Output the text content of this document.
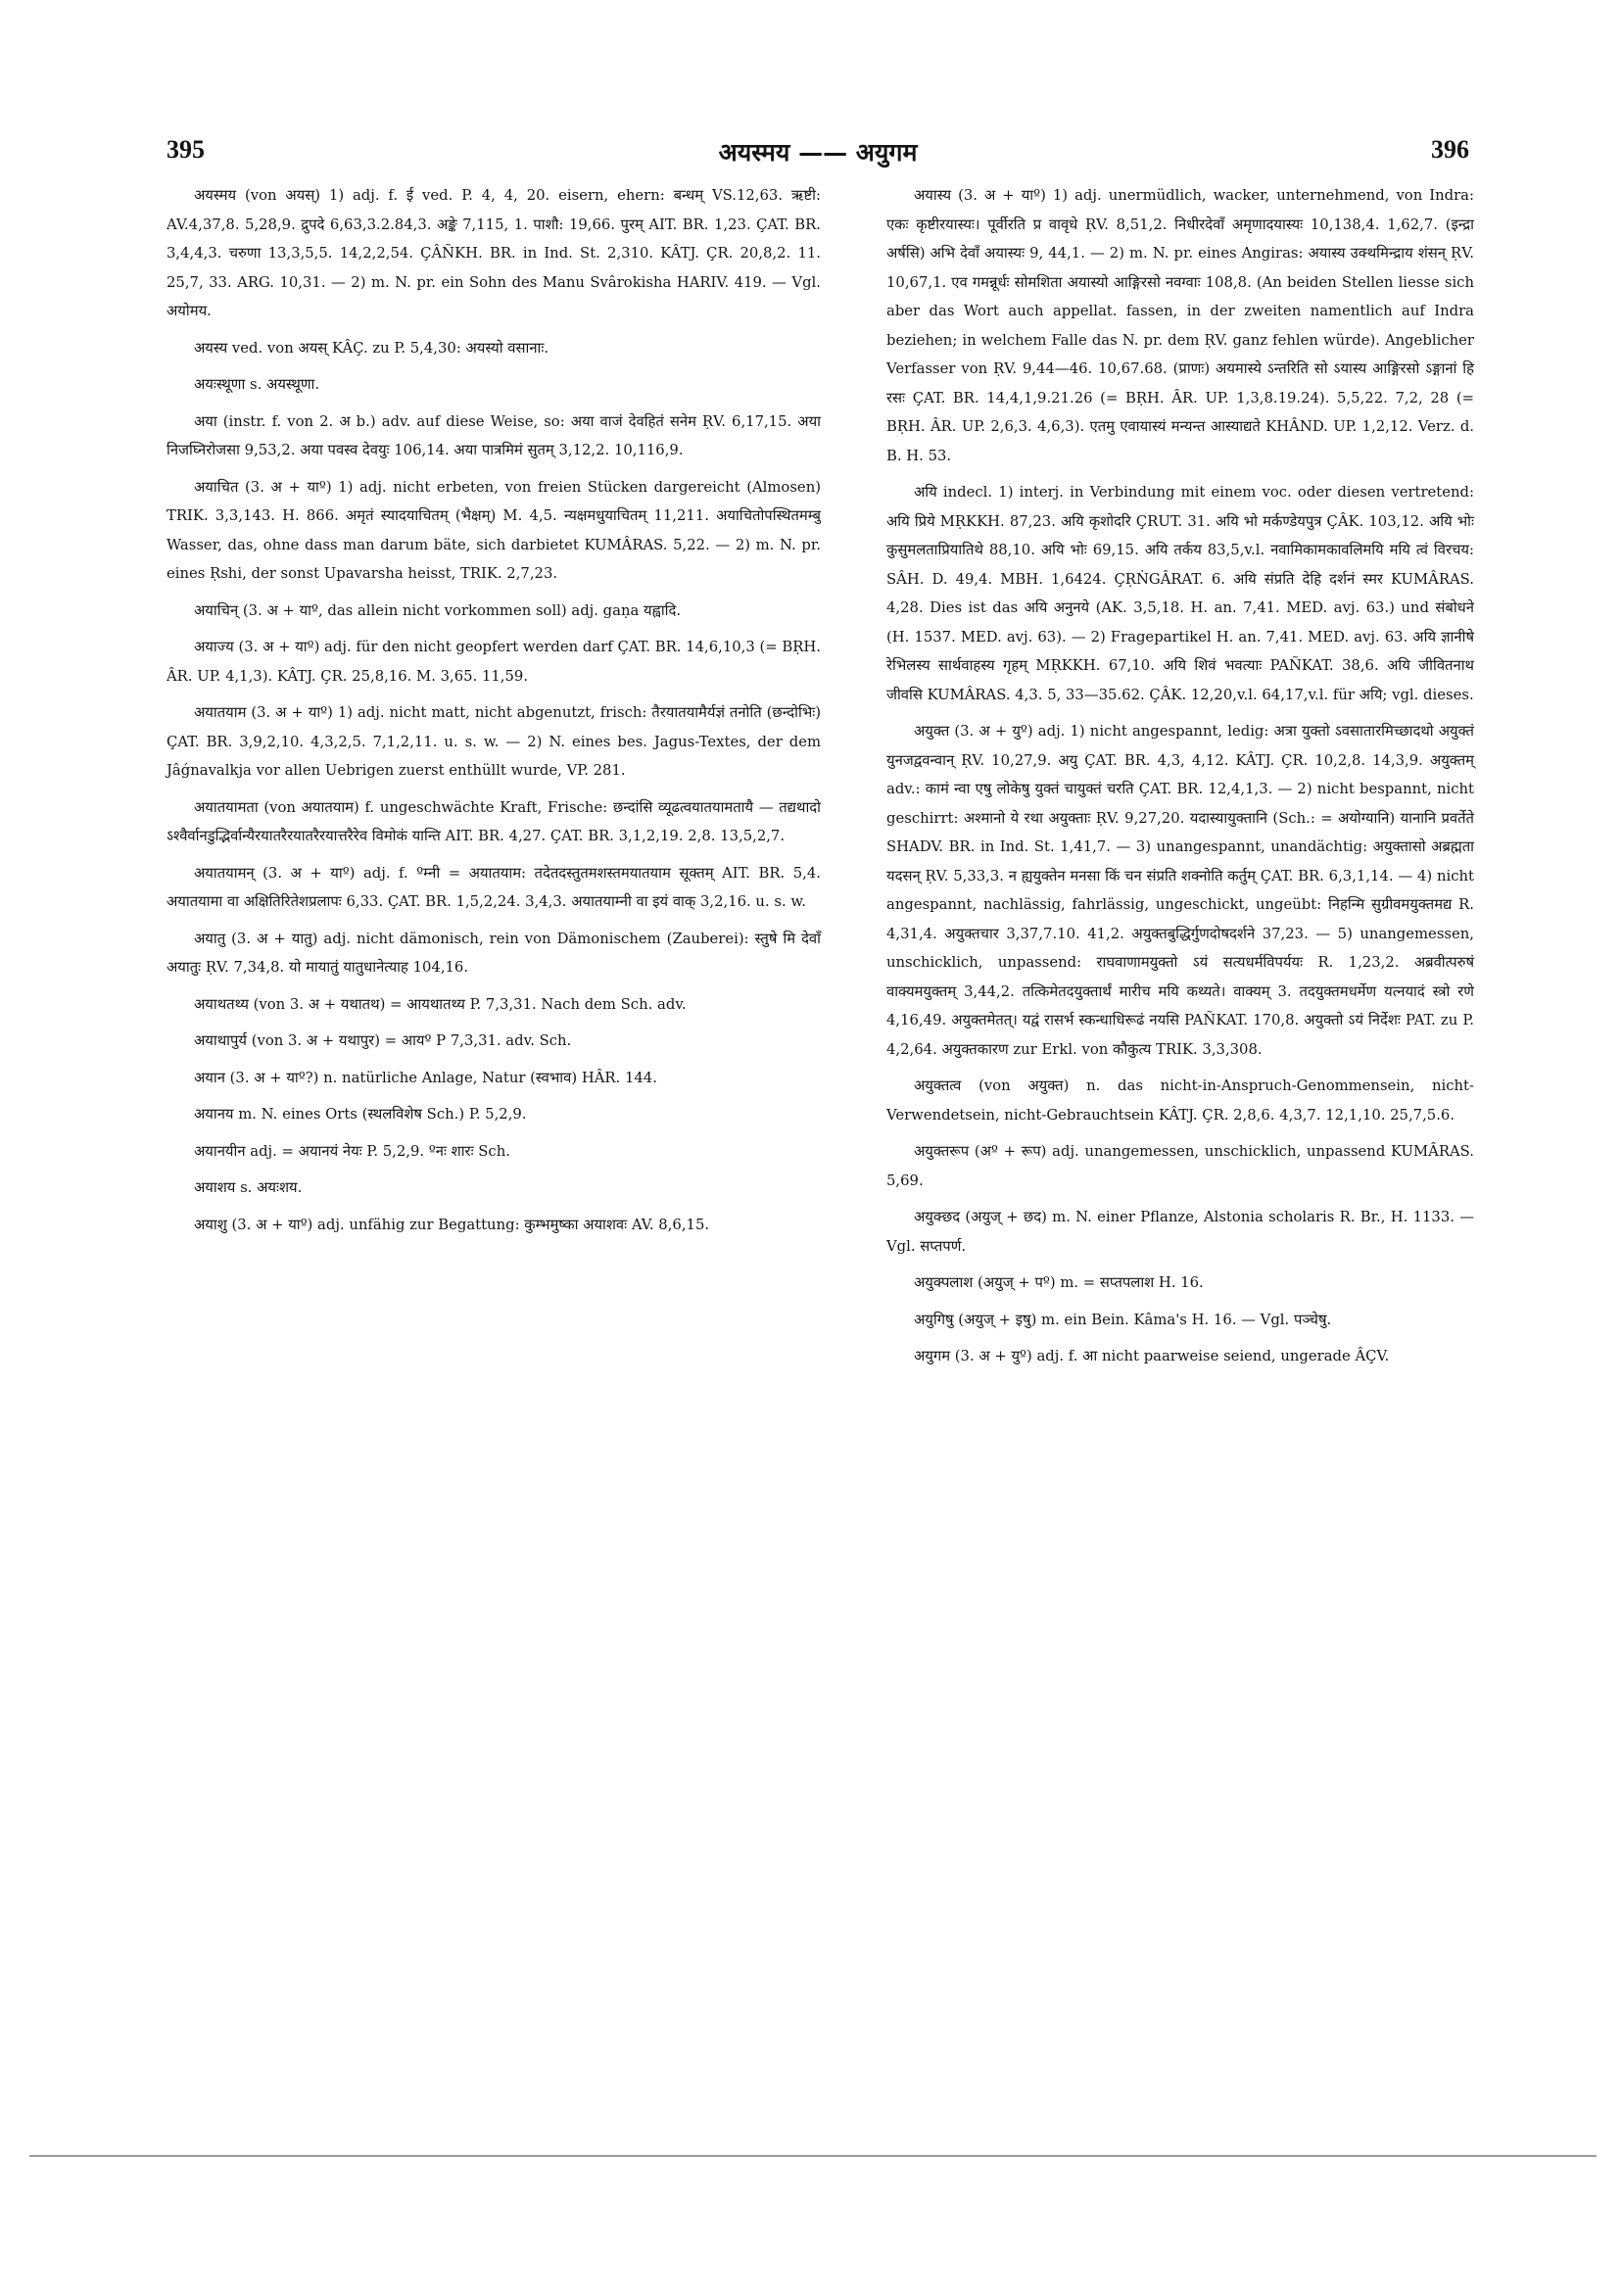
395	अयस्मय —— अयुगम	396

अयस्मय (von अयस्) 1) adj. f. ई ved. P. 4, 4, 20. eisern, ehern: बन्धम् VS.12,63. ऋष्टी: AV.4,37,8. 5,28,9. द्रुपदे 6,63,3.2.84,3. अङ्के 7,115, 1. पाशौ: 19,66. पुरम् AIT. BR. 1,23. ÇAT. BR. 3,4,4,3. चरुणा 13,3,5,5. 14,2,2,54. ÇÂÑKH. BR. in Ind. St. 2,310. KÂTJ. ÇR. 20,8,2. 11. 25,7, 33. ARG. 10,31. — 2) m. N. pr. ein Sohn des Manu Svârokisha HARIV. 419. — Vgl. अयोमय.

अयस्य ved. von अयस् KÂÇ. zu P. 5,4,30: अयस्यो वसानाः.

अयःस्थूणा s. अयस्थूणा.

अया (instr. f. von 2. अ b.) adv. auf diese Weise, so: अया वाजं देवहितं सनेम ṚV. 6,17,15. अया निजघ्निरोजसा 9,53,2. अया पवस्व देवयुः 106,14. अया पात्रमिमं सुतम् 3,12,2. 10,116,9.

अयाचित (3. अ + याº) 1) adj. nicht erbeten, von freien Stücken dargereicht (Almosen) TRIK. 3,3,143. H. 866. अमृतं स्यादयाचितम् (भैक्षम्) M. 4,5. न्यक्षमधुयाचितम् 11,211. अयाचितोपस्थितमम्बु Wasser, das, ohne dass man darum bäte, sich darbietet KUMÂRAS. 5,22. — 2) m. N. pr. eines Ṛshi, der sonst Upavarsha heisst, TRIK. 2,7,23.

अयाचिन् (3. अ + याº, das allein nicht vorkommen soll) adj. gaṇa यह्वादि.

अयाज्य (3. अ + याº) adj. für den nicht geopfert werden darf ÇAT. BR. 14,6,10,3 (= BṚH. ÂR. UP. 4,1,3). KÂTJ. ÇR. 25,8,16. M. 3,65. 11,59.

अयातयाम (3. अ + याº) 1) adj. nicht matt, nicht abgenutzt, frisch: तैरयातयामैर्यज्ञं तनोति (छन्दोभिः) ÇAT. BR. 3,9,2,10. 4,3,2,5. 7,1,2,11. u. s. w. — 2) N. eines bes. Jagus-Textes, der dem Jâǵnavalkja vor allen Uebrigen zuerst enthüllt wurde, VP. 281.

अयातयामता (von अयातयाम) f. ungeschwächte Kraft, Frische: छन्दांसि व्यूढत्वयातयामतायै — तद्यथादो ऽश्वैर्वानडुद्भिर्वान्यैरयातरैरयातरैरयात्तरैरेव विमोकं यान्ति AIT. BR. 4,27. ÇAT. BR. 3,1,2,19. 2,8. 13,5,2,7.

अयातयामन् (3. अ + याº) adj. f. ºम्नी = अयातयाम: तदेतदस्तुतमशस्तमयातयाम सूक्तम् AIT. BR. 5,4. अयातयामा वा अक्षितिरितेशप्रलापः 6,33. ÇAT. BR. 1,5,2,24. 3,4,3. अयातयाम्नी वा इयं वाक् 3,2,16. u. s. w.

अयातु (3. अ + यातु) adj. nicht dämonisch, rein von Dämonischem (Zauberei): स्तुषे मि देवाँ अयातुः ṚV. 7,34,8. यो मायातुं यातुधानेत्याह 104,16.

अयाथतथ्य (von 3. अ + यथातथ) = आयथातथ्य P. 7,3,31. Nach dem Sch. adv.

अयाथापुर्य (von 3. अ + यथापुर) = आयº P 7,3,31. adv. Sch.

अयान (3. अ + याº?) n. natürliche Anlage, Natur (स्वभाव) HÂR. 144.

अयानय m. N. eines Orts (स्थलविशेष Sch.) P. 5,2,9.

अयानयीन adj. = अयानयं नेयः P. 5,2,9. ºनः शारः Sch.

अयाशय s. अयःशय.

अयाशु (3. अ + याº) adj. unfähig zur Begattung: कुम्भमुष्का अयाशवः AV. 8,6,15.

अयास्य (3. अ + याº) 1) adj. unermüdlich, wacker, unternehmend, von Indra: एकः कृष्टीरयास्यः। पूर्वीरति प्र वावृधे ṚV. 8,51,2. निधीरदेवाँ अमृणादयास्यः 10,138,4. 1,62,7. (इन्द्रा अर्षसि) अभि देवाँ अयास्यः 9, 44,1. — 2) m. N. pr. eines Angiras: अयास्य उक्थमिन्द्राय शंसन् ṚV. 10,67,1. एव गमन्नूर्धः सोमशिता अयास्यो आङ्गिरसो नवग्वाः 108,8. (An beiden Stellen liesse sich aber das Wort auch appellat. fassen, in der zweiten namentlich auf Indra beziehen; in welchem Falle das N. pr. dem ṚV. ganz fehlen würde). Angeblicher Verfasser von ṚV. 9,44—46. 10,67.68. (प्राणः) अयमास्ये ऽन्तरिति सो ऽयास्य आङ्गिरसो ऽङ्गानां हि रसः ÇAT. BR. 14,4,1,9.21.26 (= BṚH. ÂR. UP. 1,3,8.19.24). 5,5,22. 7,2, 28 (= BṚH. ÂR. UP. 2,6,3. 4,6,3). एतमु एवायास्यं मन्यन्त आस्याद्यते KHÂND. UP. 1,2,12. Verz. d. B. H. 53.

अयि indecl. 1) interj. in Verbindung mit einem voc. oder diesen vertretend: अयि प्रिये MṚKKH. 87,23. अयि कृशोदरि ÇRUT. 31. अयि भो मर्कण्डेयपुत्र ÇÂK. 103,12. अयि भोः कुसुमलताप्रियातिथे 88,10. अयि भोः 69,15. अयि तर्कय 83,5,v.l. नवामिकामकावलिमयि मयि त्वं विरचय: SÂH. D. 49,4. MBH. 1,6424. ÇṚṄGÂRAT. 6. अयि संप्रति देहि दर्शनं स्मर KUMÂRAS. 4,28. Dies ist das अयि अनुनये (AK. 3,5,18. H. an. 7,41. MED. avj. 63.) und संबोधने (H. 1537. MED. avj. 63). — 2) Fragepartikel H. an. 7,41. MED. avj. 63. अयि ज्ञानीषे रेभिलस्य सार्थवाहस्य गृहम् MṚKKH. 67,10. अयि शिवं भवत्याः PAÑKAT. 38,6. अयि जीवितनाथ जीवसि KUMÂRAS. 4,3. 5, 33—35.62. ÇÂK. 12,20,v.l. 64,17,v.l. für अयि; vgl. dieses.

अयुक्त (3. अ + युº) adj. 1) nicht angespannt, ledig: अत्रा युक्तो ऽवसातारमिच्छादथो अयुक्तं युनजद्ववन्वान् ṚV. 10,27,9. अयु ÇAT. BR. 4,3, 4,12. KÂTJ. ÇR. 10,2,8. 14,3,9. अयुक्तम् adv.: कामं न्वा एषु लोकेषु युक्तं चायुक्तं चरति ÇAT. BR. 12,4,1,3. — 2) nicht bespannt, nicht geschirrt: अश्मानो ये रथा अयुक्ताः ṚV. 9,27,20. यदास्यायुक्तानि (Sch.: = अयोग्यानि) यानानि प्रवर्तेते SHADV. BR. in Ind. St. 1,41,7. — 3) unangespannt, unandächtig: अयुक्तासो अब्रह्मता यदसन् ṚV. 5,33,3. न ह्ययुक्तेन मनसा किं चन संप्रति शक्नोति कर्तुम् ÇAT. BR. 6,3,1,14. — 4) nicht angespannt, nachlässig, fahrlässig, ungeschickt, ungeübt: निहन्मि सुग्रीवमयुक्तमद्य R. 4,31,4. अयुक्तचार 3,37,7.10. 41,2. अयुक्तबुद्धिर्गुणदोषदर्शने 37,23. — 5) unangemessen, unschicklich, unpassend: राघवाणामयुक्तो ऽयं सत्यधर्मविपर्ययः R. 1,23,2. अब्रवीत्परुषं वाक्यमयुक्तम् 3,44,2. तत्किमेतदयुक्तार्थं मारीच मयि कथ्यते। वाक्यम् 3. तदयुक्तमधर्मेण यत्नयादं स्त्रो रणे 4,16,49. अयुक्तमेतत्। यद्वं रासर्भ स्कन्धाधिरूढं नयसि PAÑKAT. 170,8. अयुक्तो ऽयं निर्देशः PAT. zu P. 4,2,64. अयुक्तकारण zur Erkl. von कौकुत्य TRIK. 3,3,308.

अयुक्तत्व (von अयुक्त) n. das nicht-in-Anspruch-Genommensein, nicht-Verwendetsein, nicht-Gebrauchtsein KÂTJ. ÇR. 2,8,6. 4,3,7. 12,1,10. 25,7,5.6.

अयुक्तरूप (अº + रूप) adj. unangemessen, unschicklich, unpassend KUMÂRAS. 5,69.

अयुक्छद (अयुज् + छद) m. N. einer Pflanze, Alstonia scholaris R. Br., H. 1133. — Vgl. सप्तपर्ण.

अयुक्पलाश (अयुज् + पº) m. = सप्तपलाश H. 16.

अयुगिषु (अयुज् + इषु) m. ein Bein. Kâma's H. 16. — Vgl. पञ्चेषु.

अयुगम (3. अ + युº) adj. f. आ nicht paarweise seiend, ungerade ÂÇV.
